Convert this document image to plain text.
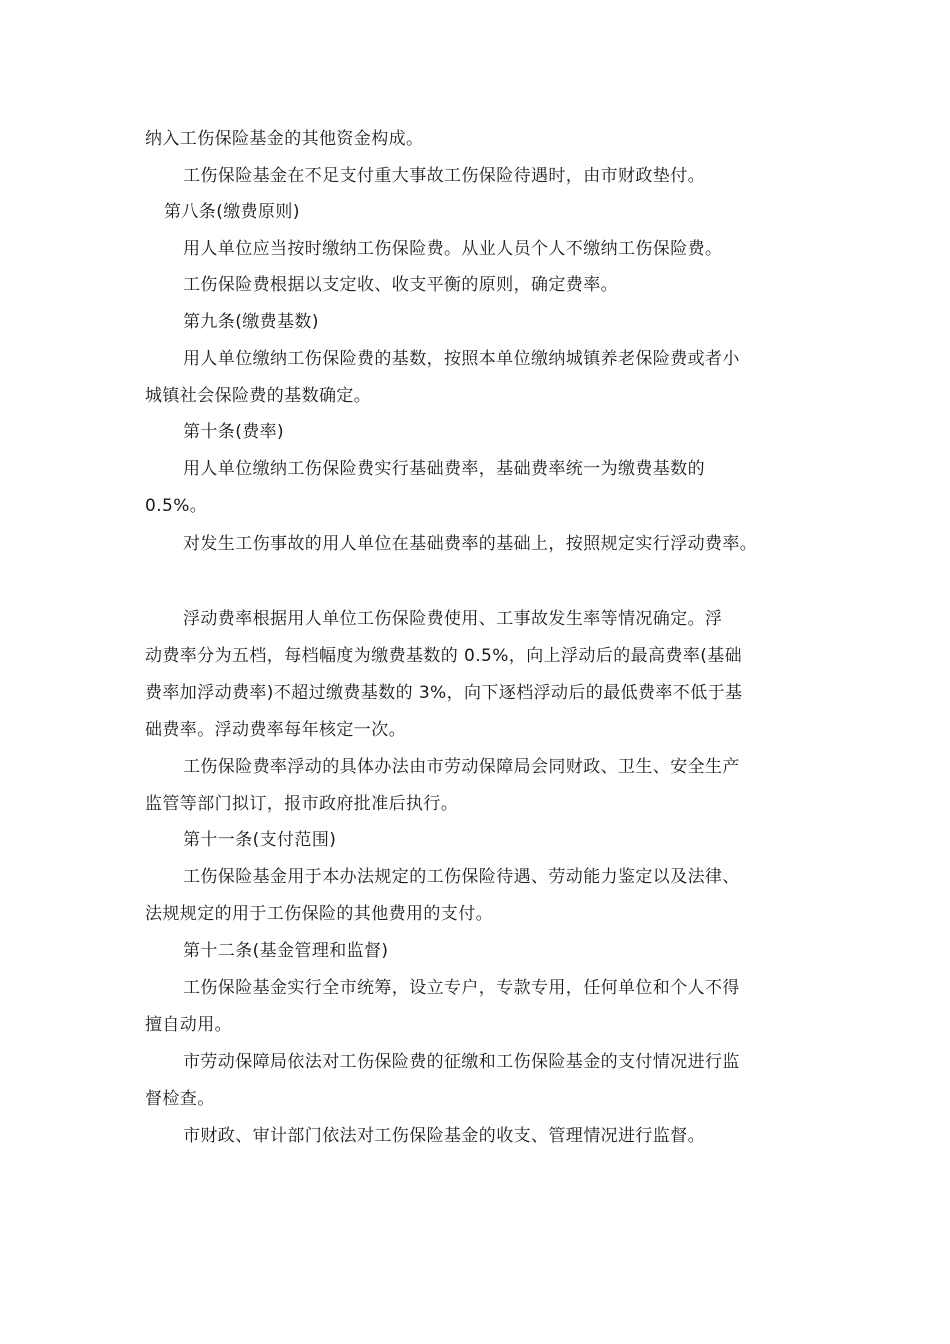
纳入工伤保险基金的其他资金构成。
工伤保险基金在不足支付重大事故工伤保险待遇时，由市财政垫付。
第八条(缴费原则)
用人单位应当按时缴纳工伤保险费。从业人员个人不缴纳工伤保险费。
工伤保险费根据以支定收、收支平衡的原则，确定费率。
第九条(缴费基数)
用人单位缴纳工伤保险费的基数，按照本单位缴纳城镇养老保险费或者小
城镇社会保险费的基数确定。
第十条(费率)
用人单位缴纳工伤保险费实行基础费率，基础费率统一为缴费基数的
0.5%。
对发生工伤事故的用人单位在基础费率的基础上，按照规定实行浮动费率。
浮动费率根据用人单位工伤保险费使用、工事故发生率等情况确定。浮
动费率分为五档，每档幅度为缴费基数的 0.5%，向上浮动后的最高费率(基础
费率加浮动费率)不超过缴费基数的 3%，向下逐档浮动后的最低费率不低于基
础费率。浮动费率每年核定一次。
工伤保险费率浮动的具体办法由市劳动保障局会同财政、卫生、安全生产
监管等部门拟订，报市政府批准后执行。
第十一条(支付范围)
工伤保险基金用于本办法规定的工伤保险待遇、劳动能力鉴定以及法律、
法规规定的用于工伤保险的其他费用的支付。
第十二条(基金管理和监督)
工伤保险基金实行全市统筹，设立专户，专款专用，任何单位和个人不得
擅自动用。
市劳动保障局依法对工伤保险费的征缴和工伤保险基金的支付情况进行监
督检查。
市财政、审计部门依法对工伤保险基金的收支、管理情况进行监督。
